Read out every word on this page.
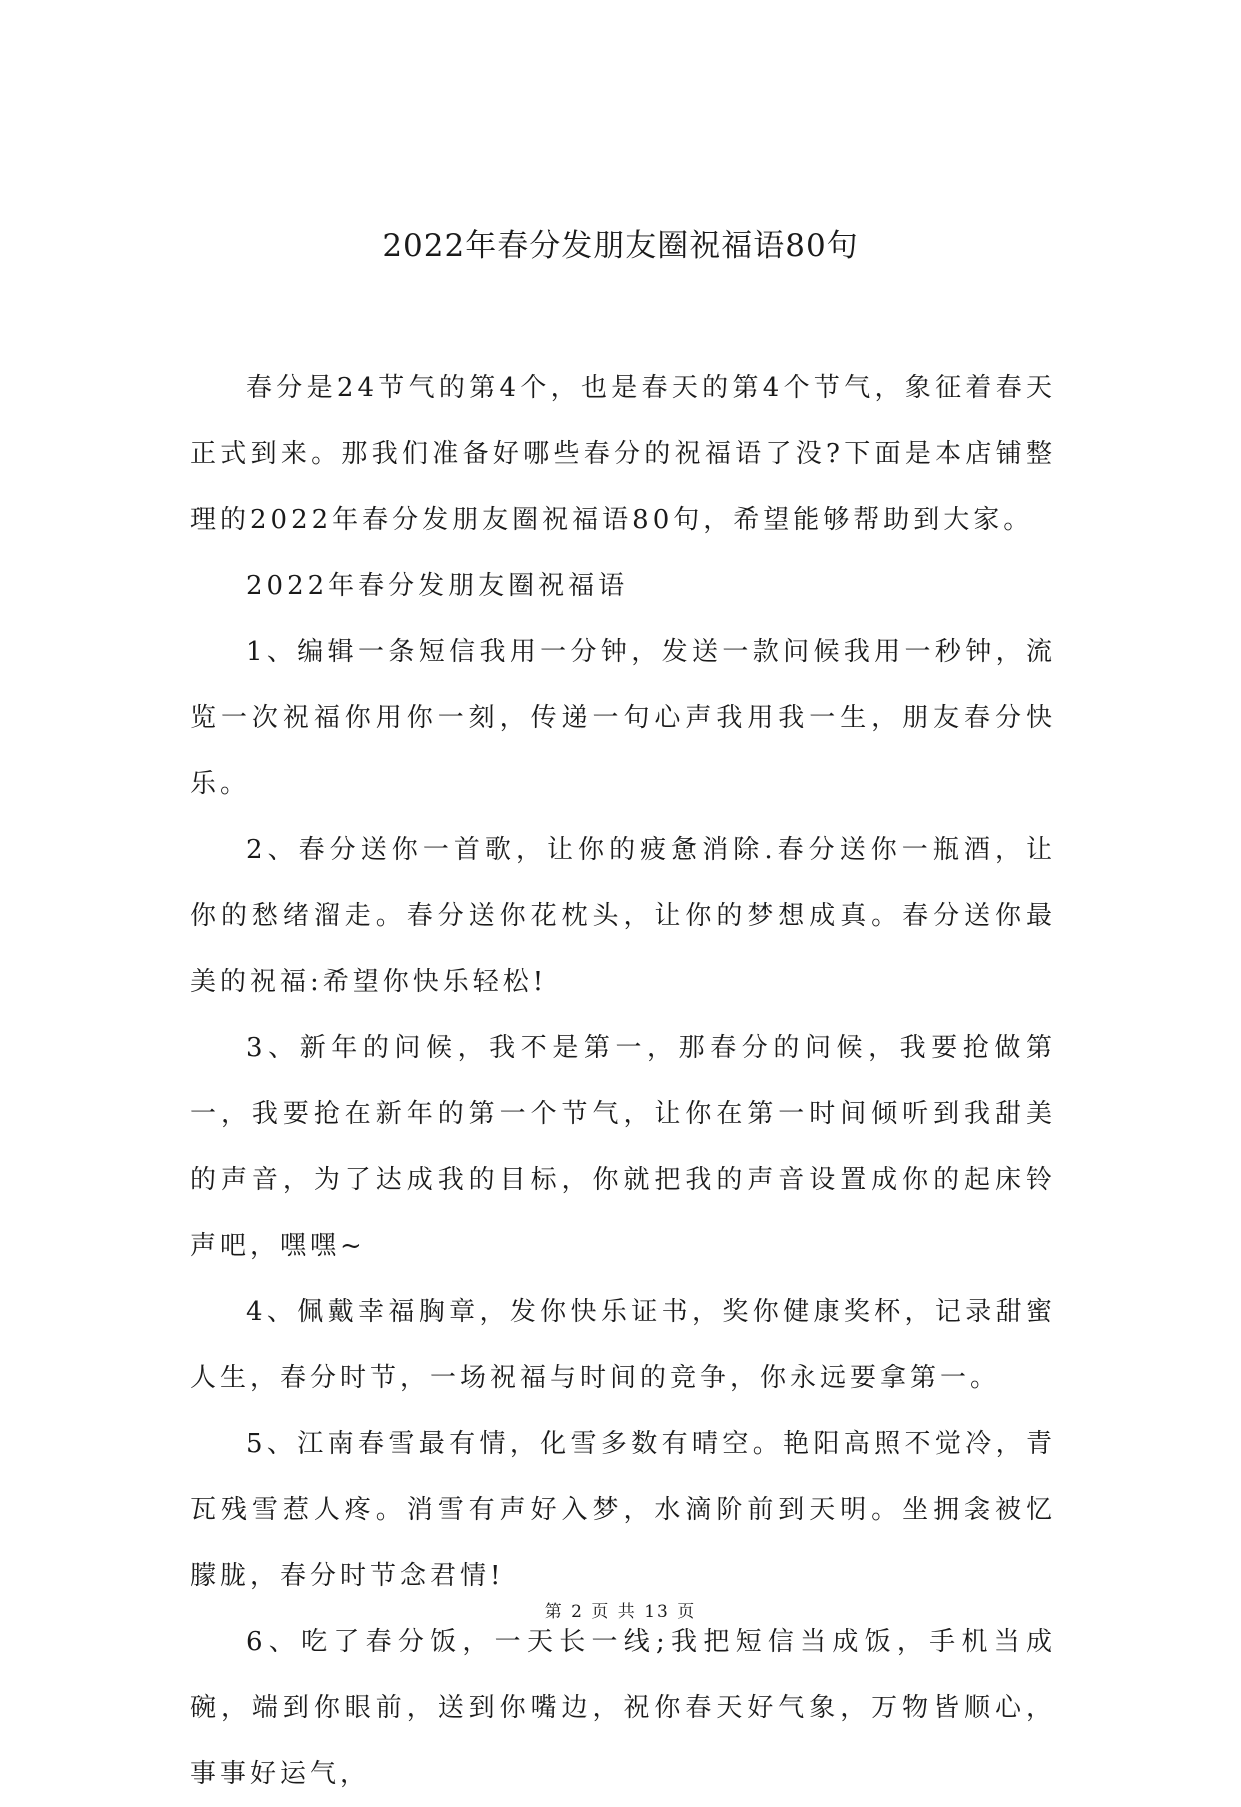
2022年春分发朋友圈祝福语80句

春分是24节气的第4个，也是春天的第4个节气，象征着春天正式到来。那我们准备好哪些春分的祝福语了没?下面是本店铺整理的2022年春分发朋友圈祝福语80句，希望能够帮助到大家。

2022年春分发朋友圈祝福语

1、编辑一条短信我用一分钟，发送一款问候我用一秒钟，流览一次祝福你用你一刻，传递一句心声我用我一生，朋友春分快乐。

2、春分送你一首歌，让你的疲惫消除.春分送你一瓶酒，让你的愁绪溜走。春分送你花枕头，让你的梦想成真。春分送你最美的祝福:希望你快乐轻松!

3、新年的问候，我不是第一，那春分的问候，我要抢做第一，我要抢在新年的第一个节气，让你在第一时间倾听到我甜美的声音，为了达成我的目标，你就把我的声音设置成你的起床铃声吧，嘿嘿~

4、佩戴幸福胸章，发你快乐证书，奖你健康奖杯，记录甜蜜人生，春分时节，一场祝福与时间的竞争，你永远要拿第一。

5、江南春雪最有情，化雪多数有晴空。艳阳高照不觉冷，青瓦残雪惹人疼。消雪有声好入梦，水滴阶前到天明。坐拥衾被忆朦胧，春分时节念君情!

6、吃了春分饭，一天长一线;我把短信当成饭，手机当成碗，端到你眼前，送到你嘴边，祝你春天好气象，万物皆顺心，事事好运气，

第 2 页 共 13 页
